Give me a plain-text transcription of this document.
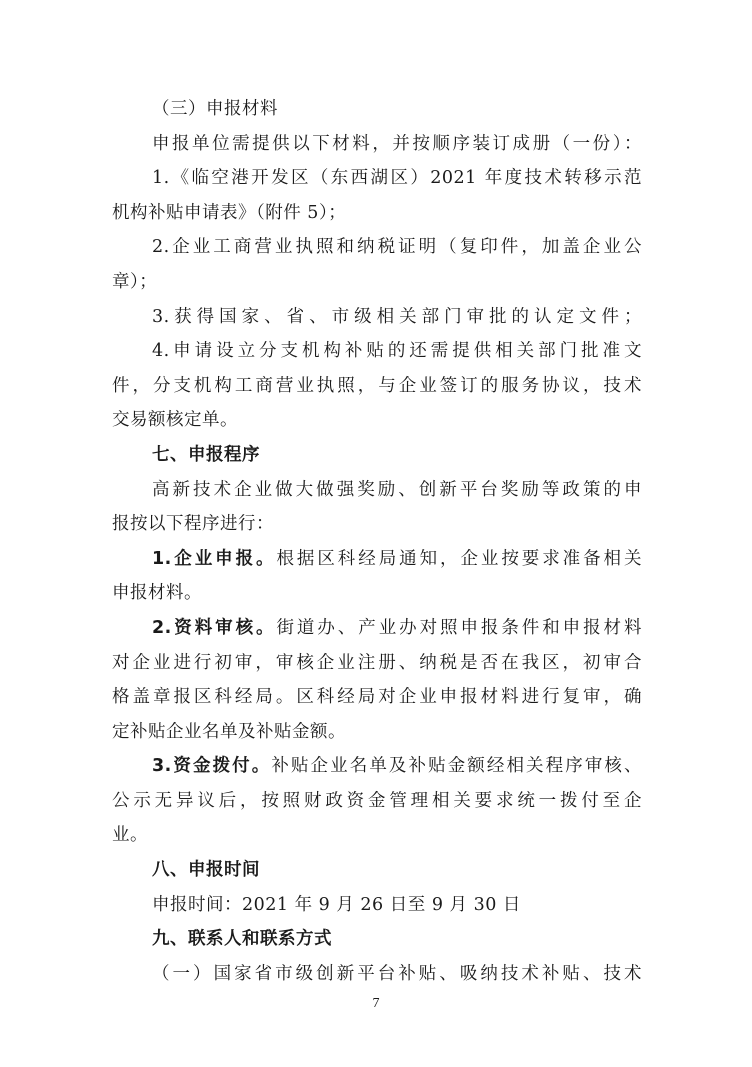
（三）申报材料
申报单位需提供以下材料，并按顺序装订成册（一份）：
1.《临空港开发区（东西湖区）2021 年度技术转移示范
机构补贴申请表》（附件 5）；
2.企业工商营业执照和纳税证明（复印件，加盖企业公
章）；
3.获得国家、省、市级相关部门审批的认定文件；
4.申请设立分支机构补贴的还需提供相关部门批准文
件，分支机构工商营业执照，与企业签订的服务协议，技术
交易额核定单。
七、申报程序
高新技术企业做大做强奖励、创新平台奖励等政策的申
报按以下程序进行：
1.企业申报。根据区科经局通知，企业按要求准备相关
申报材料。
2.资料审核。街道办、产业办对照申报条件和申报材料
对企业进行初审，审核企业注册、纳税是否在我区，初审合
格盖章报区科经局。区科经局对企业申报材料进行复审，确
定补贴企业名单及补贴金额。
3.资金拨付。补贴企业名单及补贴金额经相关程序审核、
公示无异议后，按照财政资金管理相关要求统一拨付至企
业。
八、申报时间
申报时间：2021 年 9 月 26 日至 9 月 30 日
九、联系人和联系方式
（一）国家省市级创新平台补贴、吸纳技术补贴、技术
7
